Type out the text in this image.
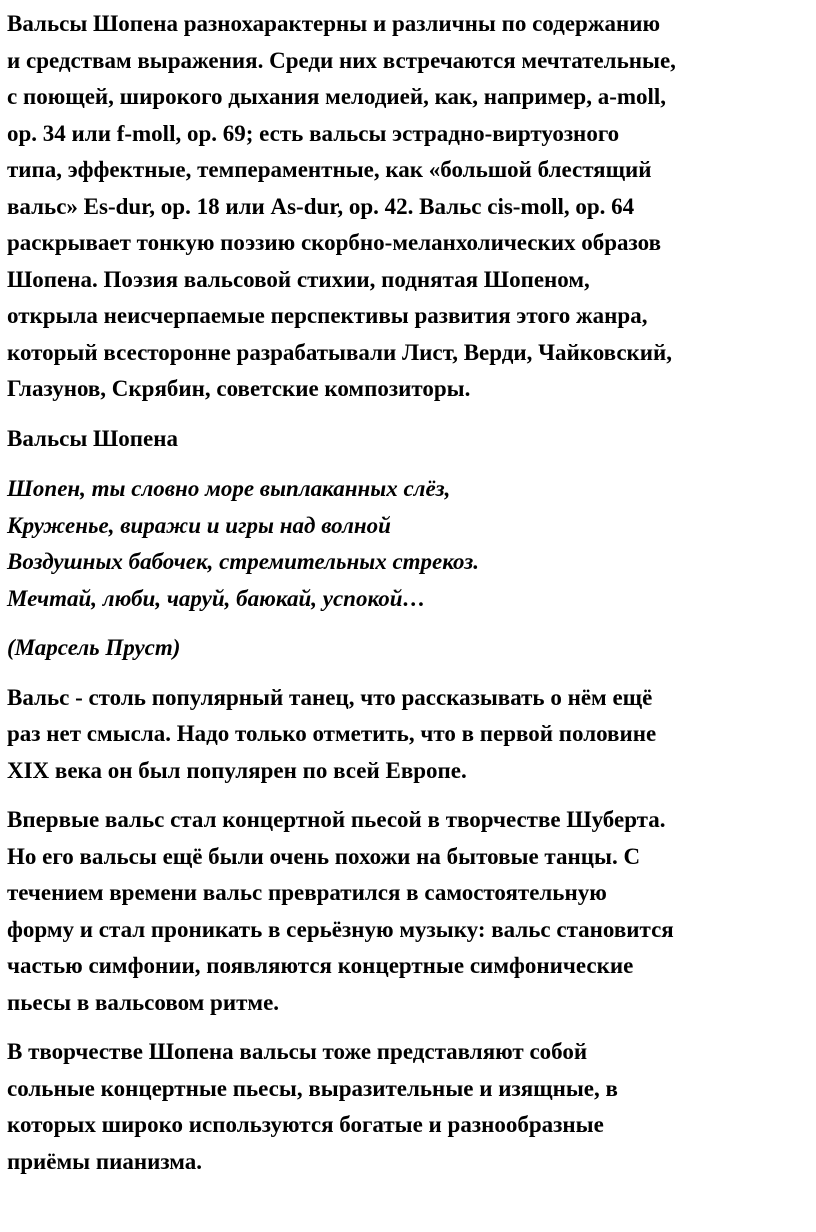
Вальсы Шопена разнохарактерны и различны по содержанию
и средствам выражения. Среди них встречаются мечтательные,
с поющей, широкого дыхания мелодией, как, например, a-moll,
op. 34 или f-moll, op. 69; есть вальсы эстрадно-виртуозного
типа, эффектные, темпераментные, как «большой блестящий
вальс» Es-dur, op. 18 или As-dur, op. 42. Вальс cis-moll, op. 64
раскрывает тонкую поэзию скорбно-меланхолических образов
Шопена. Поэзия вальсовой стихии, поднятая Шопеном,
открыла неисчерпаемые перспективы развития этого жанра,
который всесторонне разрабатывали Лист, Верди, Чайковский,
Глазунов, Скрябин, советские композиторы.
Вальсы Шопена
Шопен, ты словно море выплаканных слёз,
Круженье, виражи и игры над волной
Воздушных бабочек, стремительных стрекоз.
Мечтай, люби, чаруй, баюкай, успокой…
(Марсель Пруст)
Вальс - столь популярный танец, что рассказывать о нём ещё
раз нет смысла. Надо только отметить, что в первой половине
XIX века он был популярен по всей Европе.
Впервые вальс стал концертной пьесой в творчестве Шуберта.
Но его вальсы ещё были очень похожи на бытовые танцы. С
течением времени вальс превратился в самостоятельную
форму и стал проникать в серьёзную музыку: вальс становится
частью симфонии, появляются концертные симфонические
пьесы в вальсовом ритме.
В творчестве Шопена вальсы тоже представляют собой
сольные концертные пьесы, выразительные и изящные, в
которых широко используются богатые и разнообразные
приёмы пианизма.
